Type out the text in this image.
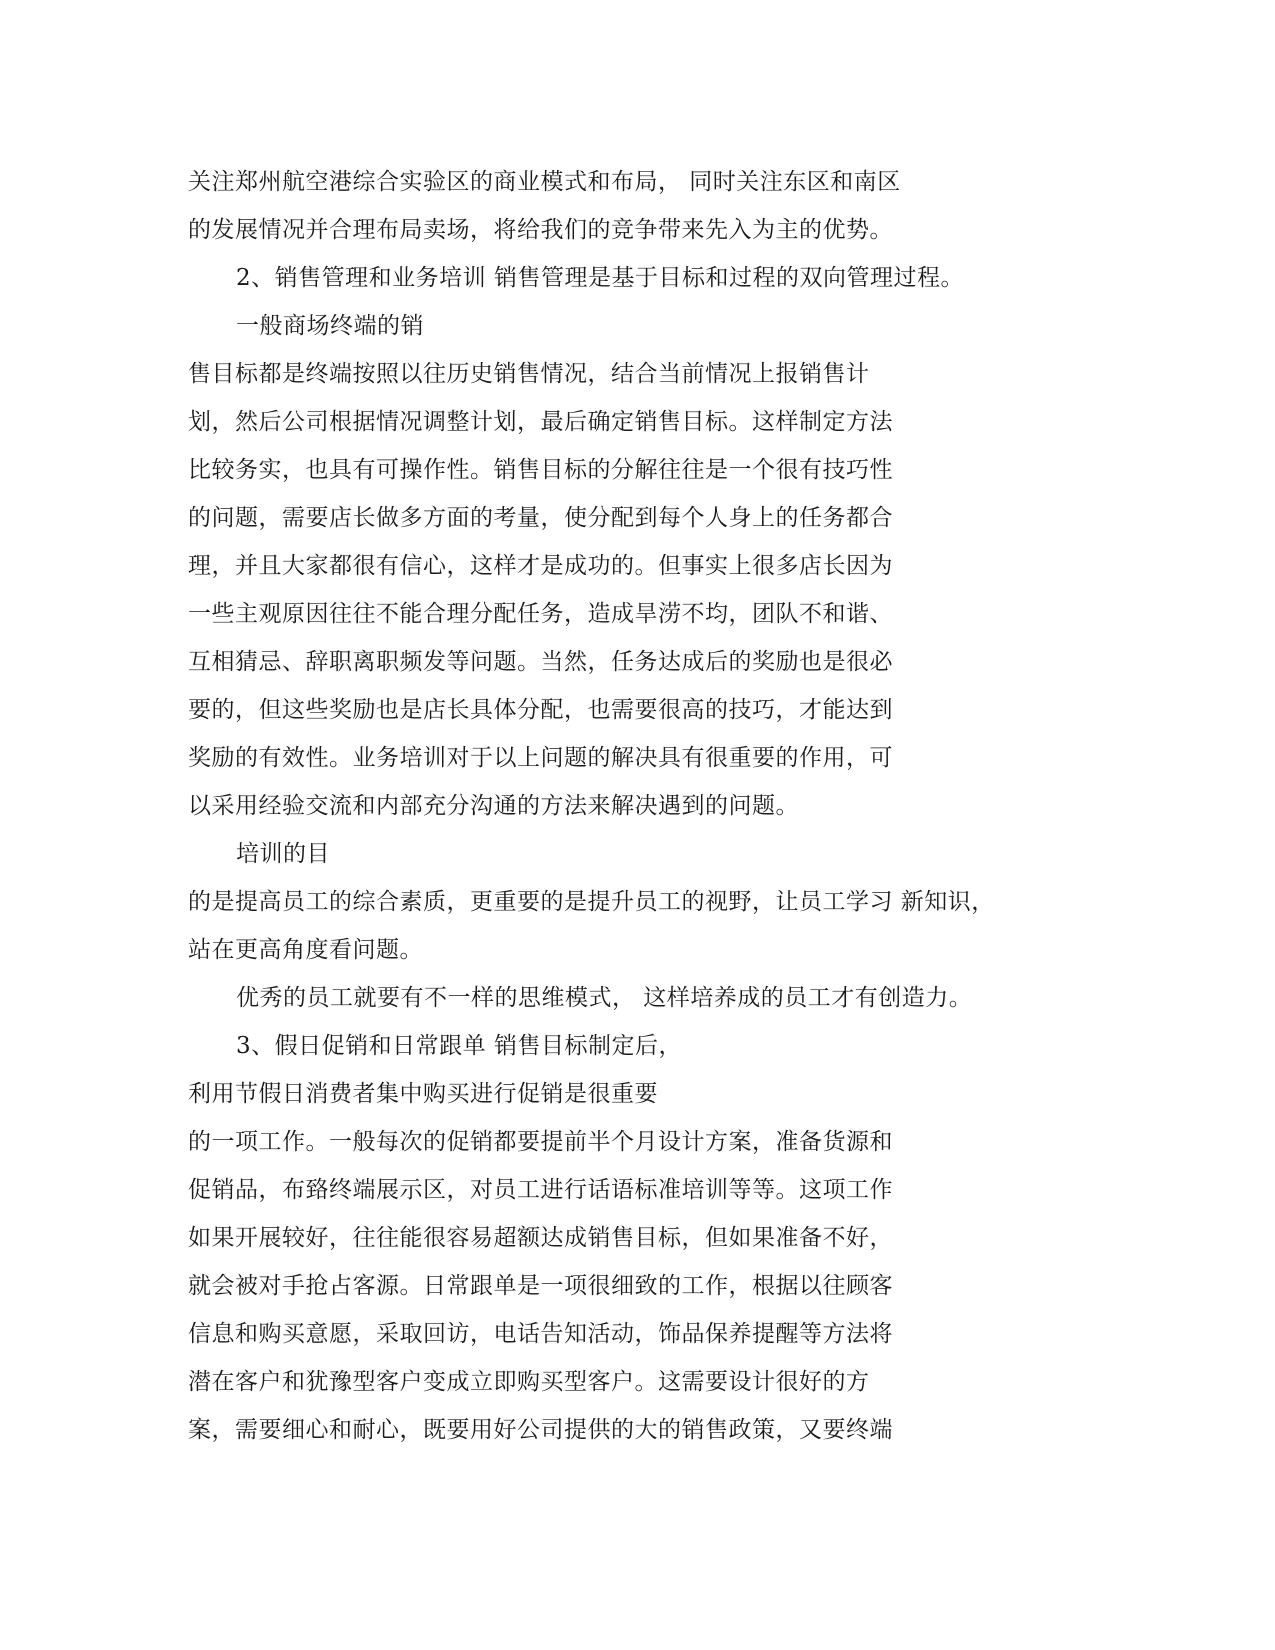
关注郑州航空港综合实验区的商业模式和布局， 同时关注东区和南区
的发展情况并合理布局卖场，将给我们的竞争带来先入为主的优势。
2、销售管理和业务培训 销售管理是基于目标和过程的双向管理过程。
一般商场终端的销
售目标都是终端按照以往历史销售情况，结合当前情况上报销售计
划，然后公司根据情况调整计划，最后确定销售目标。这样制定方法
比较务实，也具有可操作性。销售目标的分解往往是一个很有技巧性
的问题，需要店长做多方面的考量，使分配到每个人身上的任务都合
理，并且大家都很有信心，这样才是成功的。但事实上很多店长因为
一些主观原因往往不能合理分配任务，造成旱涝不均，团队不和谐、
互相猜忌、辞职离职频发等问题。当然，任务达成后的奖励也是很必
要的，但这些奖励也是店长具体分配，也需要很高的技巧，才能达到
奖励的有效性。业务培训对于以上问题的解决具有很重要的作用，可
以采用经验交流和内部充分沟通的方法来解决遇到的问题。
培训的目
的是提高员工的综合素质，更重要的是提升员工的视野，让员工学习 新知识，
站在更高角度看问题。
优秀的员工就要有不一样的思维模式， 这样培养成的员工才有创造力。
3、假日促销和日常跟单 销售目标制定后，
利用节假日消费者集中购买进行促销是很重要
的一项工作。一般每次的促销都要提前半个月设计方案，准备货源和
促销品，布臵终端展示区，对员工进行话语标准培训等等。这项工作
如果开展较好，往往能很容易超额达成销售目标，但如果准备不好，
就会被对手抢占客源。日常跟单是一项很细致的工作，根据以往顾客
信息和购买意愿，采取回访，电话告知活动，饰品保养提醒等方法将
潜在客户和犹豫型客户变成立即购买型客户。这需要设计很好的方
案，需要细心和耐心，既要用好公司提供的大的销售政策，又要终端
